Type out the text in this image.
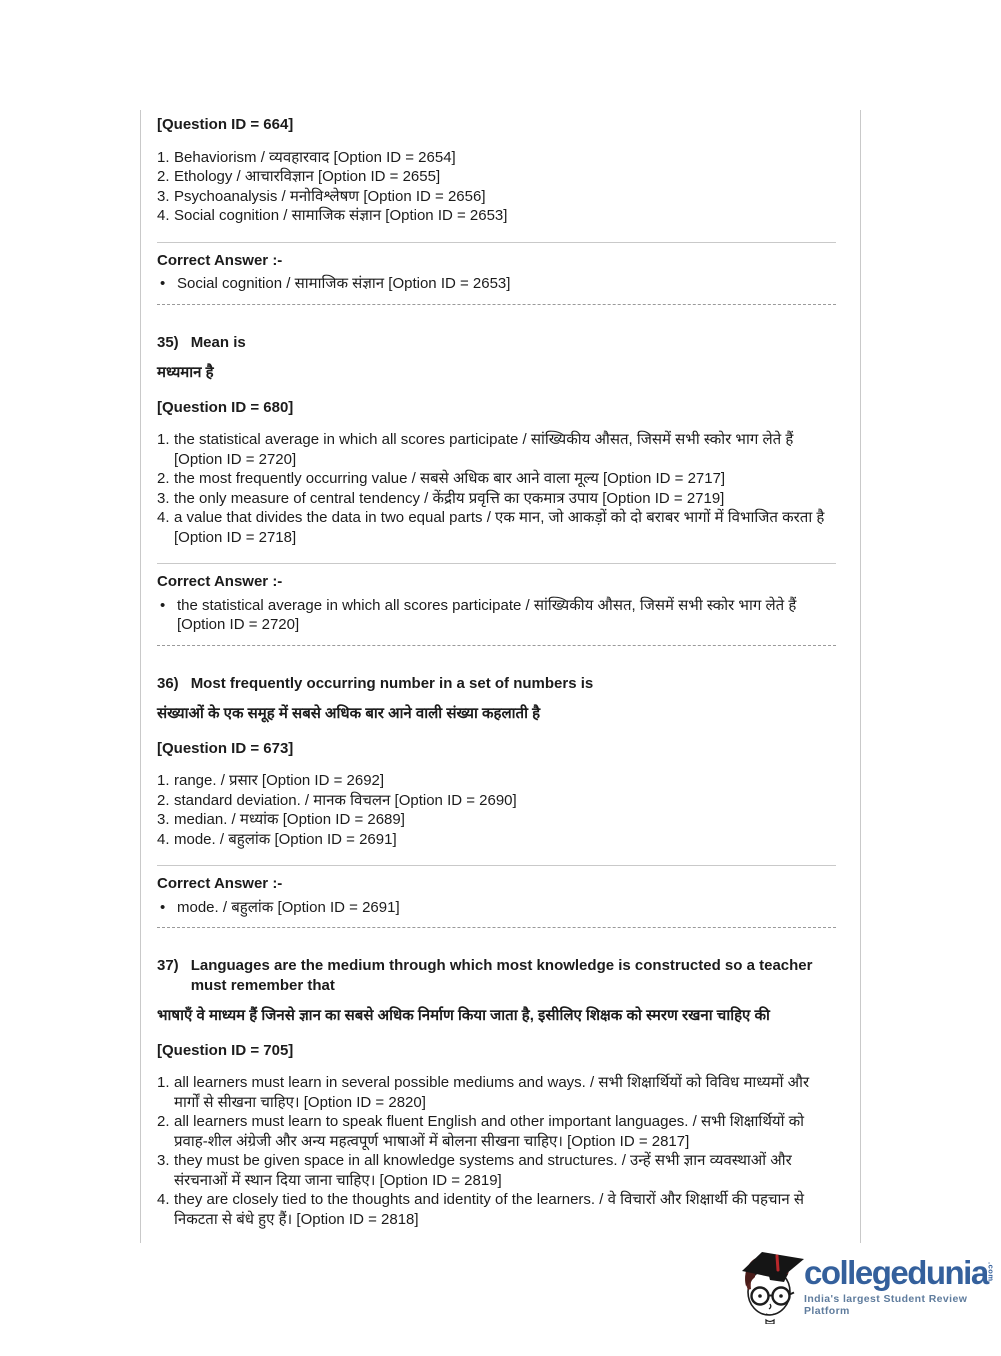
[Question ID = 664]
1. Behaviorism / व्यवहारवाद [Option ID = 2654]
2. Ethology / आचारविज्ञान [Option ID = 2655]
3. Psychoanalysis / मनोविश्लेषण [Option ID = 2656]
4. Social cognition / सामाजिक संज्ञान [Option ID = 2653]
Correct Answer :-
• Social cognition / सामाजिक संज्ञान [Option ID = 2653]
35) Mean is
मध्यमान है
[Question ID = 680]
1. the statistical average in which all scores participate / सांख्यिकीय औसत, जिसमें सभी स्कोर भाग लेते हैं [Option ID = 2720]
2. the most frequently occurring value / सबसे अधिक बार आने वाला मूल्य [Option ID = 2717]
3. the only measure of central tendency / केंद्रीय प्रवृत्ति का एकमात्र उपाय [Option ID = 2719]
4. a value that divides the data in two equal parts / एक मान, जो आकड़ों को दो बराबर भागों में विभाजित करता है [Option ID = 2718]
Correct Answer :-
• the statistical average in which all scores participate / सांख्यिकीय औसत, जिसमें सभी स्कोर भाग लेते हैं [Option ID = 2720]
36) Most frequently occurring number in a set of numbers is
संख्याओं के एक समूह में सबसे अधिक बार आने वाली संख्या कहलाती है
[Question ID = 673]
1. range. / प्रसार [Option ID = 2692]
2. standard deviation. / मानक विचलन [Option ID = 2690]
3. median. / मध्यांक [Option ID = 2689]
4. mode. / बहुलांक [Option ID = 2691]
Correct Answer :-
• mode. / बहुलांक [Option ID = 2691]
37) Languages are the medium through which most knowledge is constructed so a teacher must remember that
भाषाएँ वे माध्यम हैं जिनसे ज्ञान का सबसे अधिक निर्माण किया जाता है, इसीलिए शिक्षक को स्मरण रखना चाहिए की
[Question ID = 705]
1. all learners must learn in several possible mediums and ways. / सभी शिक्षार्थियों को विविध माध्यमों और मार्गों से सीखना चाहिए। [Option ID = 2820]
2. all learners must learn to speak fluent English and other important languages. / सभी शिक्षार्थियों को प्रवाह-शील अंग्रेजी और अन्य महत्वपूर्ण भाषाओं में बोलना सीखना चाहिए। [Option ID = 2817]
3. they must be given space in all knowledge systems and structures. / उन्हें सभी ज्ञान व्यवस्थाओं और संरचनाओं में स्थान दिया जाना चाहिए। [Option ID = 2819]
4. they are closely tied to the thoughts and identity of the learners. / वे विचारों और शिक्षार्थी की पहचान से निकटता से बंधे हुए हैं। [Option ID = 2818]
collegedunia .com
India's largest Student Review Platform
